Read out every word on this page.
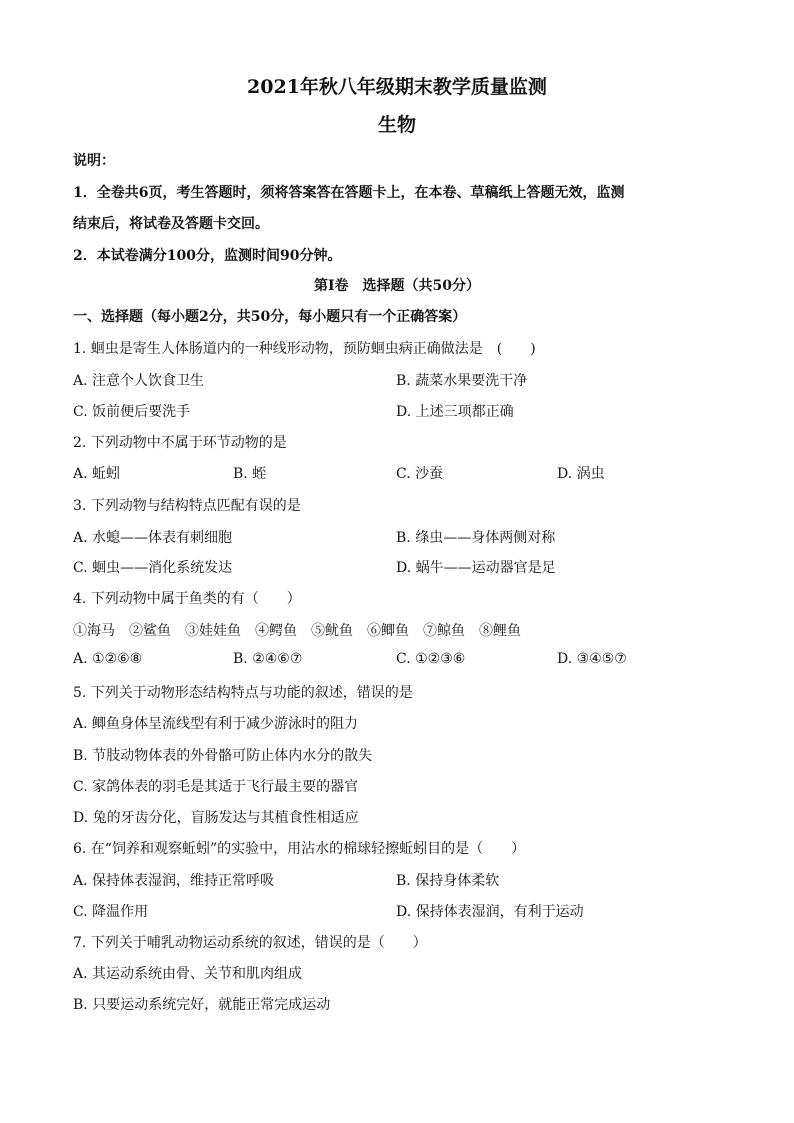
2021年秋八年级期末教学质量监测
生物
说明：
1．全卷共6页，考生答题时，须将答案答在答题卡上，在本卷、草稿纸上答题无效，监测
结束后，将试卷及答题卡交回。
2．本试卷满分100分，监测时间90分钟。
第Ⅰ卷　选择题（共50分）
一、选择题（每小题2分，共50分，每小题只有一个正确答案）
1. 蛔虫是寄生人体肠道内的一种线形动物，预防蛔虫病正确做法是　(　　)
A. 注意个人饮食卫生	B. 蔬菜水果要洗干净
C. 饭前便后要洗手	D. 上述三项都正确
2. 下列动物中不属于环节动物的是
A. 蚯蚓	B. 蛭	C. 沙蚕	D. 涡虫
3. 下列动物与结构特点匹配有误的是
A. 水螅——体表有刺细胞	B. 绦虫——身体两侧对称
C. 蛔虫——消化系统发达	D. 蜗牛——运动器官是足
4. 下列动物中属于鱼类的有（　　）
①海马　②鲨鱼　③娃娃鱼　④鳄鱼　⑤鱿鱼　⑥鲫鱼　⑦鲸鱼　⑧鲤鱼
A. ①②⑥⑧	B. ②④⑥⑦	C. ①②③⑥	D. ③④⑤⑦
5. 下列关于动物形态结构特点与功能的叙述，错误的是
A. 鲫鱼身体呈流线型有利于减少游泳时的阻力
B. 节肢动物体表的外骨骼可防止体内水分的散失
C. 家鸽体表的羽毛是其适于飞行最主要的器官
D. 兔的牙齿分化，盲肠发达与其植食性相适应
6. 在“饲养和观察蚯蚓”的实验中，用沾水的棉球轻擦蚯蚓目的是（　　）
A. 保持体表湿润，维持正常呼吸	B. 保持身体柔软
C. 降温作用	D. 保持体表湿润，有利于运动
7. 下列关于哺乳动物运动系统的叙述，错误的是（　　）
A. 其运动系统由骨、关节和肌肉组成
B. 只要运动系统完好，就能正常完成运动
